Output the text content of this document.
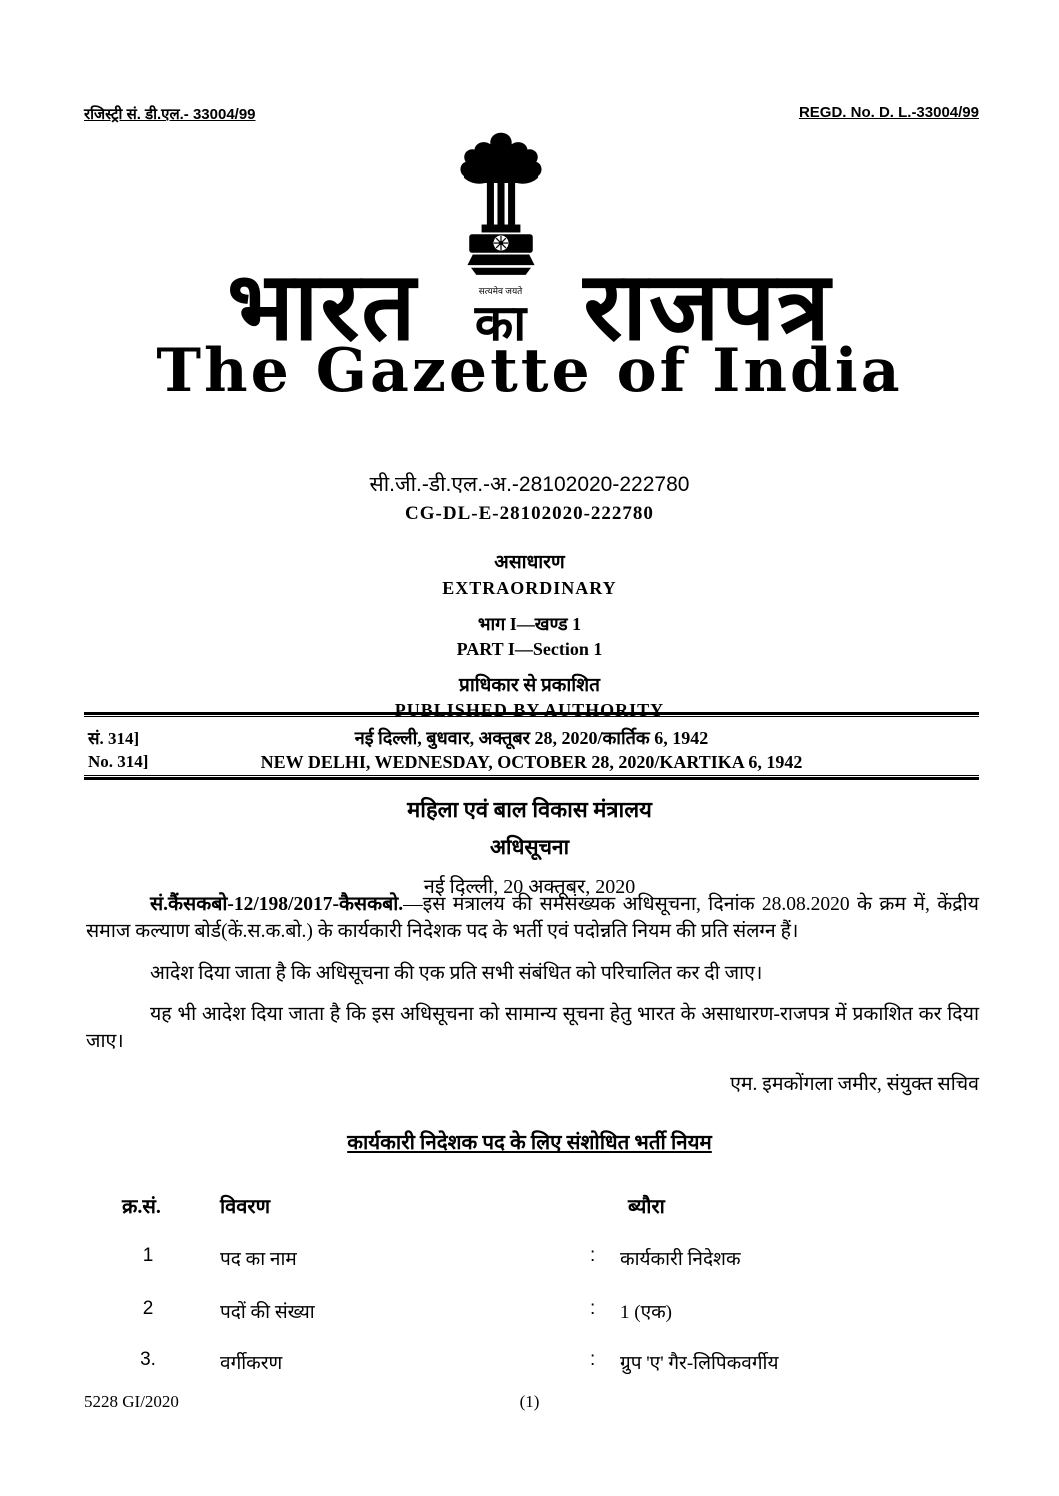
रजिस्ट्री सं. डी.एल.- 33004/99	REGD. No. D. L.-33004/99
भारत	सत्यमेव जयते
का राजपत्र
The Gazette of India
सी.जी.-डी.एल.-अ.-28102020-222780
CG-DL-E-28102020-222780
असाधारण
EXTRAORDINARY
भाग I—खण्ड 1
PART I—Section 1
प्राधिकार से प्रकाशित
PUBLISHED BY AUTHORITY
सं. 314]	नई दिल्ली, बुधवार, अक्तूबर 28, 2020/कार्तिक 6, 1942
No. 314]	NEW DELHI, WEDNESDAY, OCTOBER 28, 2020/KARTIKA 6, 1942
महिला एवं बाल विकास मंत्रालय
अधिसूचना
नई दिल्ली, 20 अक्तूबर, 2020

सं.कैंसकबो-12/198/2017-कैसकबो.—इस मंत्रालय की समसंख्यक अधिसूचना, दिनांक 28.08.2020 के क्रम में, केंद्रीय समाज कल्याण बोर्ड(कें.स.क.बो.) के कार्यकारी निदेशक पद के भर्ती एवं पदोन्नति नियम की प्रति संलग्न हैं।

आदेश दिया जाता है कि अधिसूचना की एक प्रति सभी संबंधित को परिचालित कर दी जाए।

यह भी आदेश दिया जाता है कि इस अधिसूचना को सामान्य सूचना हेतु भारत के असाधारण-राजपत्र में प्रकाशित कर दिया जाए।

एम. इमकोंगला जमीर, संयुक्त सचिव
कार्यकारी निदेशक पद के लिए संशोधित भर्ती नियम
क्र.सं.	विवरण	ब्यौरा
1	पद का नाम	: कार्यकारी निदेशक
2	पदों की संख्या	: 1 (एक)
3.	वर्गीकरण	: ग्रुप 'ए' गैर-लिपिकवर्गीय
5228 GI/2020	(1)
